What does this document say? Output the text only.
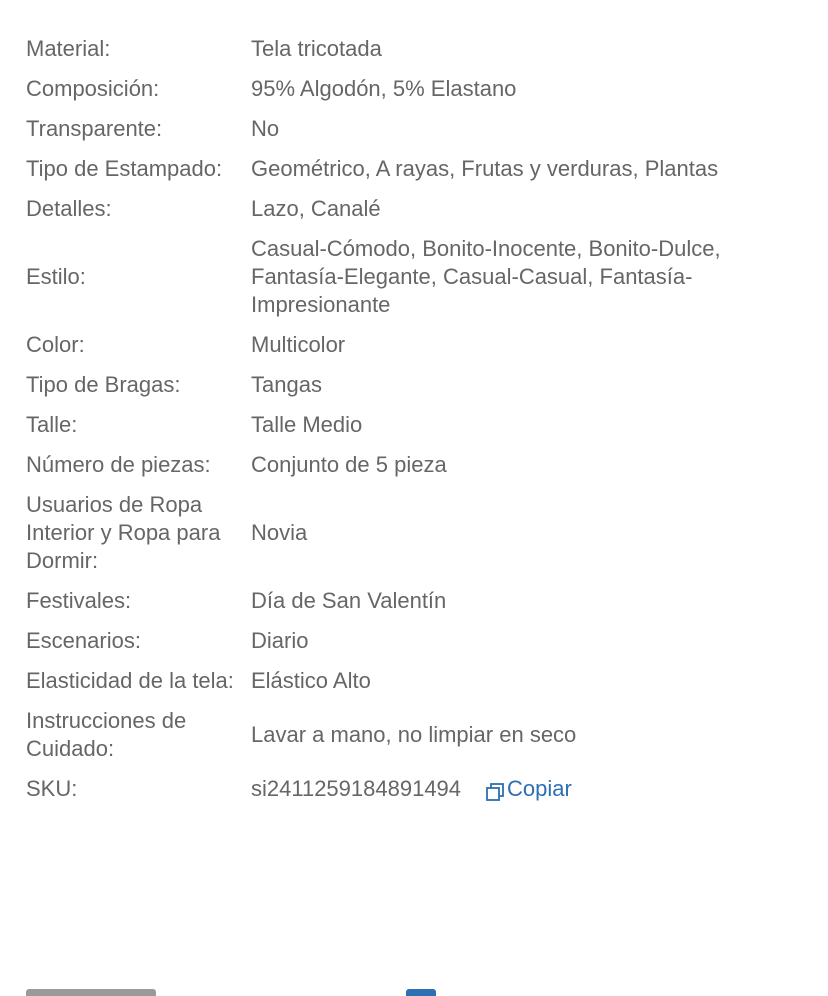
Material:	Tela tricotada
Composición:	95% Algodón, 5% Elastano
Transparente:	No
Tipo de Estampado:	Geométrico, A rayas, Frutas y verduras, Plantas
Detalles:	Lazo, Canalé
Estilo:
Casual-Cómodo, Bonito-Inocente, Bonito-Dulce, Fantasía-Elegante, Casual-Casual, Fantasía-Impresionante
Color:	Multicolor
Tipo de Bragas:	Tangas
Talle:	Talle Medio
Número de piezas:	Conjunto de 5 pieza
Usuarios de Ropa Interior y Ropa para Dormir:
Novia
Festivales:	Día de San Valentín
Escenarios:	Diario
Elasticidad de la tela: Elástico Alto
Instrucciones de Cuidado:
Lavar a mano, no limpiar en seco
SKU:	si2411259184891494 Copiar
